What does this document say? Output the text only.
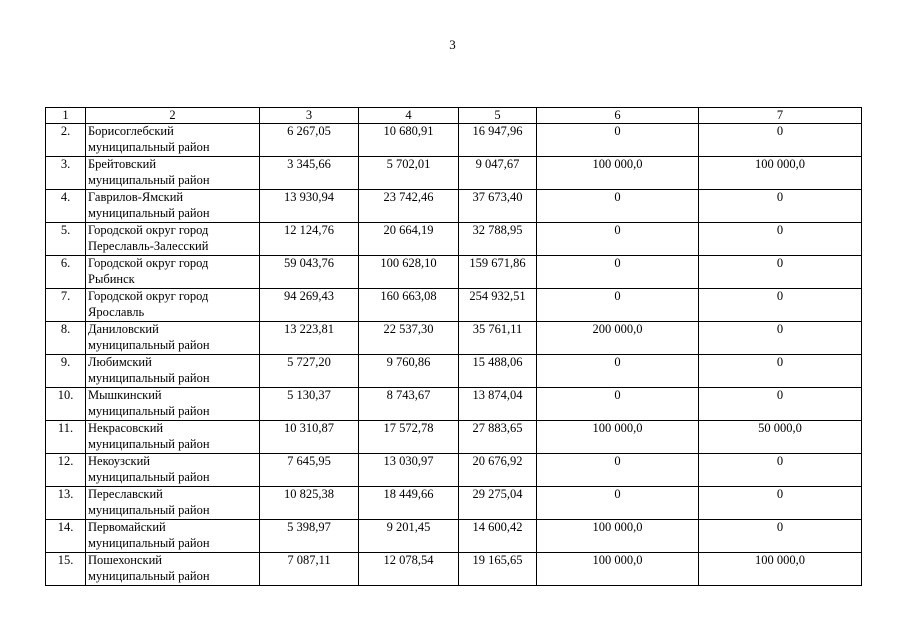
3
1	2	3	4	5	6	7
2.	Борисоглебский
муниципальный район	6 267,05	10 680,91	16 947,96	0	0
3.	Брейтовский
муниципальный район	3 345,66	5 702,01	9 047,67	100 000,0	100 000,0
4.	Гаврилов-Ямский
муниципальный район	13 930,94	23 742,46	37 673,40	0	0
5.	Городской округ город
Переславль-Залесский	12 124,76	20 664,19	32 788,95	0	0
6.	Городской округ город
Рыбинск	59 043,76	100 628,10	159 671,86	0	0
7.	Городской округ город
Ярославль	94 269,43	160 663,08	254 932,51	0	0
8.	Даниловский
муниципальный район	13 223,81	22 537,30	35 761,11	200 000,0	0
9.	Любимский
муниципальный район	5 727,20	9 760,86	15 488,06	0	0
10.	Мышкинский
муниципальный район	5 130,37	8 743,67	13 874,04	0	0
11.	Некрасовский
муниципальный район	10 310,87	17 572,78	27 883,65	100 000,0	50 000,0
12.	Некоузский
муниципальный район	7 645,95	13 030,97	20 676,92	0	0
13.	Переславский
муниципальный район	10 825,38	18 449,66	29 275,04	0	0
14.	Первомайский
муниципальный район	5 398,97	9 201,45	14 600,42	100 000,0	0
15.	Пошехонский
муниципальный район	7 087,11	12 078,54	19 165,65	100 000,0	100 000,0
